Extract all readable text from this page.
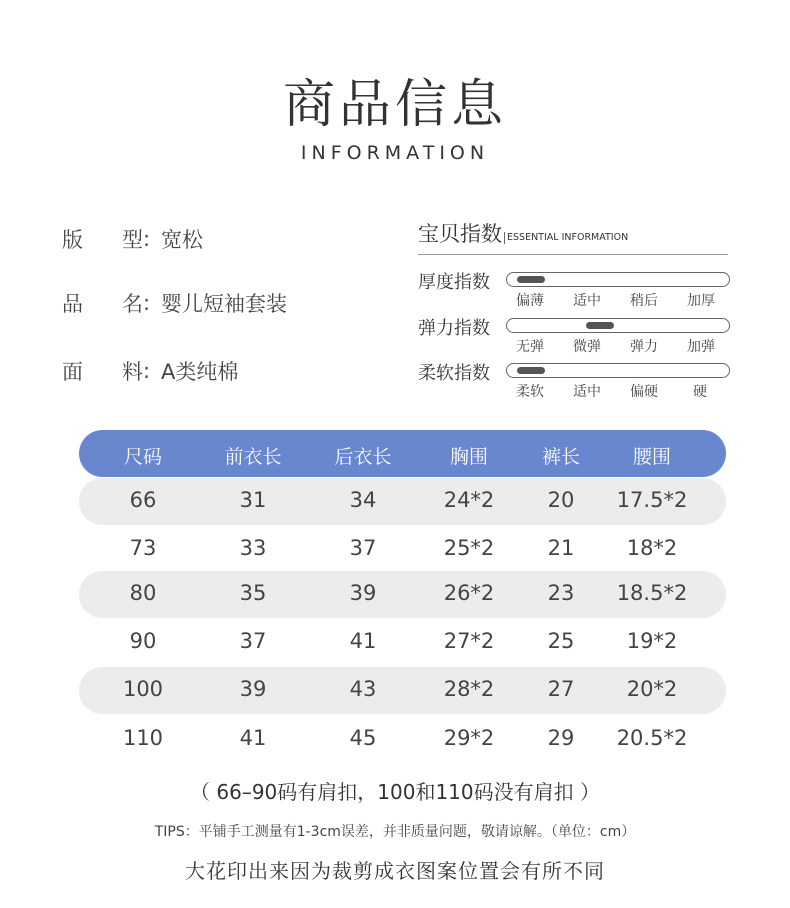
商品信息
INFORMATION
版	型 : 宽松
品	名 : 婴儿短袖套装
面	料 : A类纯棉
宝贝指数 ESSENTIAL INFORMATION
厚度指数
偏薄 适中 稍后 加厚
弹力指数
无弹 微弹 弹力 加弹
柔软指数
柔软 适中 偏硬	硬
尺码	前衣长	后衣长	胸围	裤长	腰围
66	31	34	24*2	20	17.5*2
73	33	37	25*2	21	18*2
80	35	39	26*2	23	18.5*2
90	37	41	27*2	25	19*2
100	39	43	28*2	27	20*2
110	41	45	29*2	29	20.5*2
（ 66–90码有肩扣，100和110码没有肩扣 ）
TIPS：平铺手工测量有1-3cm误差，并非质量问题，敬请谅解。（单位：cm）
大花印出来因为裁剪成衣图案位置会有所不同
